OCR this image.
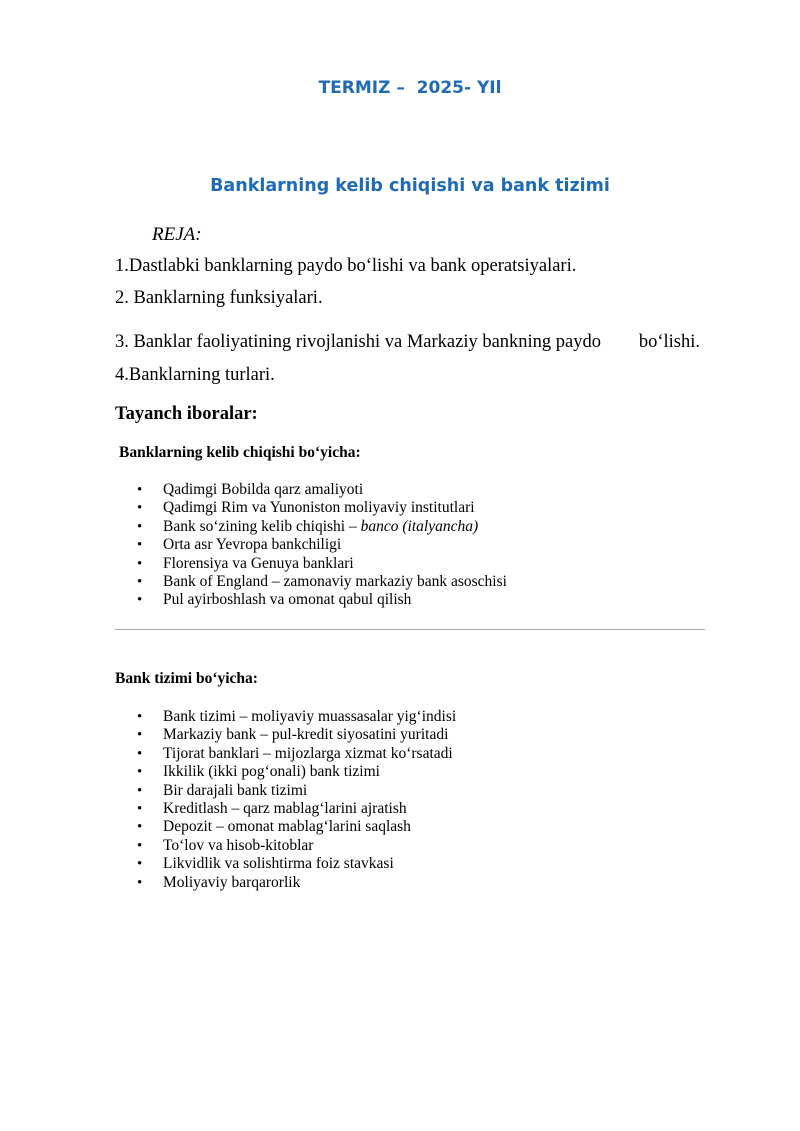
TERMIZ –  2025- YIl
Banklarning kelib chiqishi va bank tizimi
REJA:
1.Dastlabki banklarning paydo bo‘lishi va bank operatsiyalari.
2. Banklarning funksiyalari.
3. Banklar faoliyatining rivojlanishi va Markaziy bankning paydo bo‘lishi.
4.Banklarning turlari.
Tayanch iboralar:
Banklarning kelib chiqishi bo‘yicha:
• Qadimgi Bobilda qarz amaliyoti
• Qadimgi Rim va Yunoniston moliyaviy institutlari
• Bank so‘zining kelib chiqishi – banco (italyancha)
• Orta asr Yevropa bankchiligi
• Florensiya va Genuya banklari
• Bank of England – zamonaviy markaziy bank asoschisi
• Pul ayirboshlash va omonat qabul qilish
Bank tizimi bo‘yicha:
• Bank tizimi – moliyaviy muassasalar yig‘indisi
• Markaziy bank – pul-kredit siyosatini yuritadi
• Tijorat banklari – mijozlarga xizmat ko‘rsatadi
• Ikkilik (ikki pog‘onali) bank tizimi
• Bir darajali bank tizimi
• Kreditlash – qarz mablag‘larini ajratish
• Depozit – omonat mablag‘larini saqlash
• To‘lov va hisob-kitoblar
• Likvidlik va solishtirma foiz stavkasi
• Moliyaviy barqarorlik
